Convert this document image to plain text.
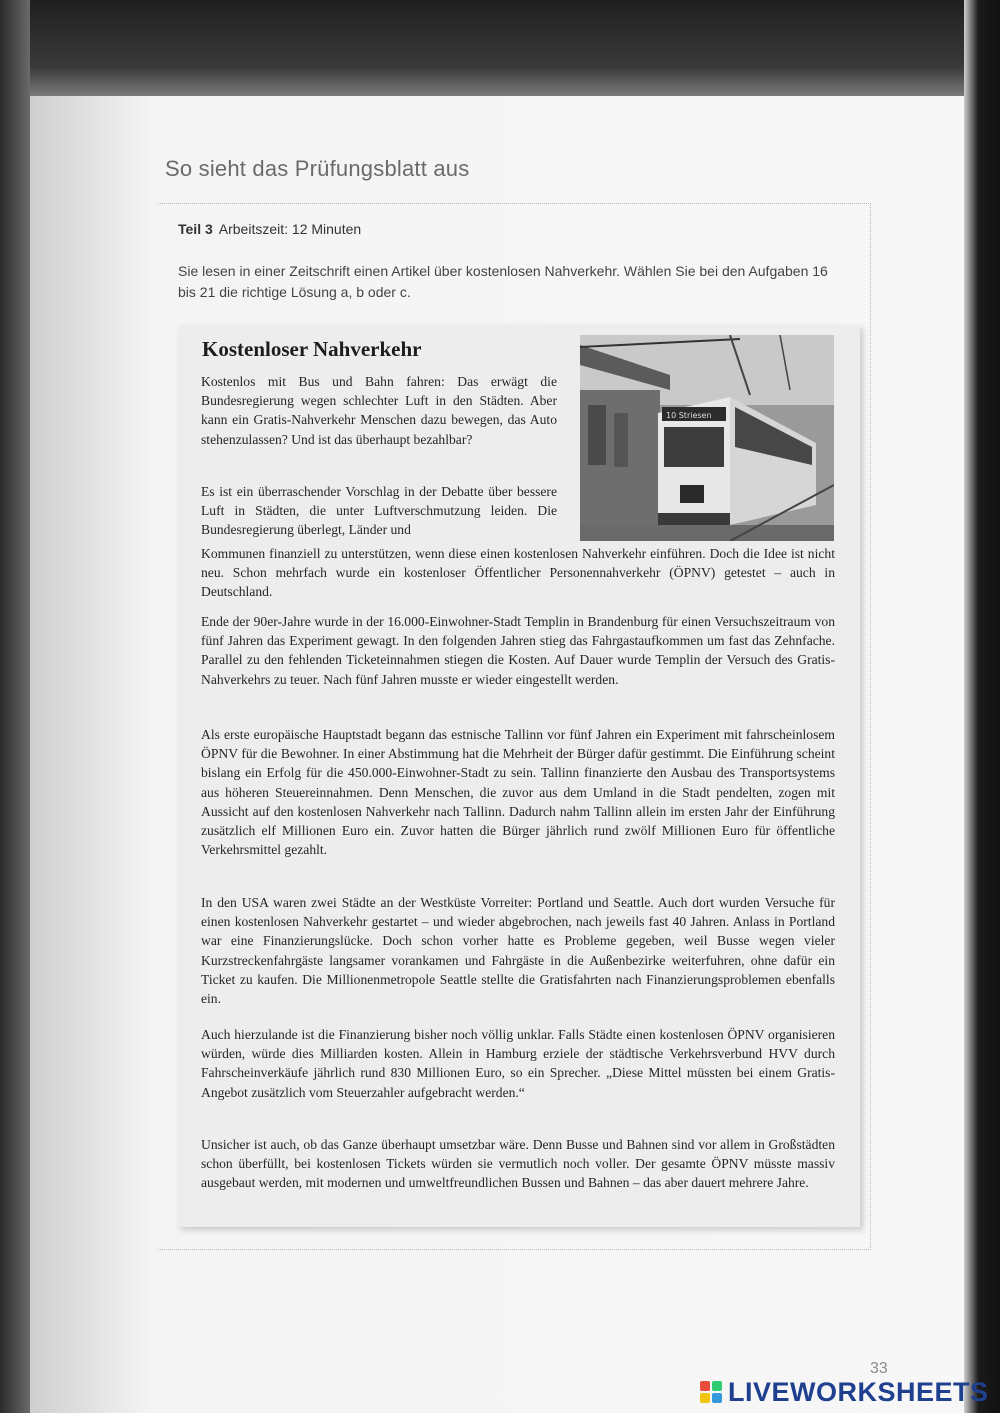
So sieht das Prüfungsblatt aus
Teil 3 Arbeitszeit: 12 Minuten
Sie lesen in einer Zeitschrift einen Artikel über kostenlosen Nahverkehr. Wählen Sie bei den Aufgaben 16 bis 21 die richtige Lösung a, b oder c.
Kostenloser Nahverkehr
10 Striesen
Kostenlos mit Bus und Bahn fahren: Das erwägt die Bundesregierung wegen schlechter Luft in den Städten. Aber kann ein Gratis-Nahverkehr Menschen dazu bewegen, das Auto stehenzulassen? Und ist das überhaupt bezahlbar?
Es ist ein überraschender Vorschlag in der Debatte über bessere Luft in Städten, die unter Luftverschmutzung leiden. Die Bundesregierung überlegt, Länder und
Kommunen finanziell zu unterstützen, wenn diese einen kostenlosen Nahverkehr einführen. Doch die Idee ist nicht neu. Schon mehrfach wurde ein kostenloser Öffentlicher Personennahverkehr (ÖPNV) getestet – auch in Deutschland.
Ende der 90er-Jahre wurde in der 16.000-Einwohner-Stadt Templin in Brandenburg für einen Versuchszeitraum von fünf Jahren das Experiment gewagt. In den folgenden Jahren stieg das Fahrgastaufkommen um fast das Zehnfache. Parallel zu den fehlenden Ticketeinnahmen stiegen die Kosten. Auf Dauer wurde Templin der Versuch des Gratis-Nahverkehrs zu teuer. Nach fünf Jahren musste er wieder eingestellt werden.
Als erste europäische Hauptstadt begann das estnische Tallinn vor fünf Jahren ein Experiment mit fahrscheinlosem ÖPNV für die Bewohner. In einer Abstimmung hat die Mehrheit der Bürger dafür gestimmt. Die Einführung scheint bislang ein Erfolg für die 450.000-Einwohner-Stadt zu sein. Tallinn finanzierte den Ausbau des Transportsystems aus höheren Steuereinnahmen. Denn Menschen, die zuvor aus dem Umland in die Stadt pendelten, zogen mit Aussicht auf den kostenlosen Nahverkehr nach Tallinn. Dadurch nahm Tallinn allein im ersten Jahr der Einführung zusätzlich elf Millionen Euro ein. Zuvor hatten die Bürger jährlich rund zwölf Millionen Euro für öffentliche Verkehrsmittel gezahlt.
In den USA waren zwei Städte an der Westküste Vorreiter: Portland und Seattle. Auch dort wurden Versuche für einen kostenlosen Nahverkehr gestartet – und wieder abgebrochen, nach jeweils fast 40 Jahren. Anlass in Portland war eine Finanzierungslücke. Doch schon vorher hatte es Probleme gegeben, weil Busse wegen vieler Kurzstreckenfahrgäste langsamer vorankamen und Fahrgäste in die Außenbezirke weiterfuhren, ohne dafür ein Ticket zu kaufen. Die Millionenmetropole Seattle stellte die Gratisfahrten nach Finanzierungsproblemen ebenfalls ein.
Auch hierzulande ist die Finanzierung bisher noch völlig unklar. Falls Städte einen kostenlosen ÖPNV organisieren würden, würde dies Milliarden kosten. Allein in Hamburg erziele der städtische Verkehrsverbund HVV durch Fahrscheinverkäufe jährlich rund 830 Millionen Euro, so ein Sprecher. „Diese Mittel müssten bei einem Gratis-Angebot zusätzlich vom Steuerzahler aufgebracht werden.“
Unsicher ist auch, ob das Ganze überhaupt umsetzbar wäre. Denn Busse und Bahnen sind vor allem in Großstädten schon überfüllt, bei kostenlosen Tickets würden sie vermutlich noch voller. Der gesamte ÖPNV müsste massiv ausgebaut werden, mit modernen und umweltfreundlichen Bussen und Bahnen – das aber dauert mehrere Jahre.
33
LIVEWORKSHEETS
